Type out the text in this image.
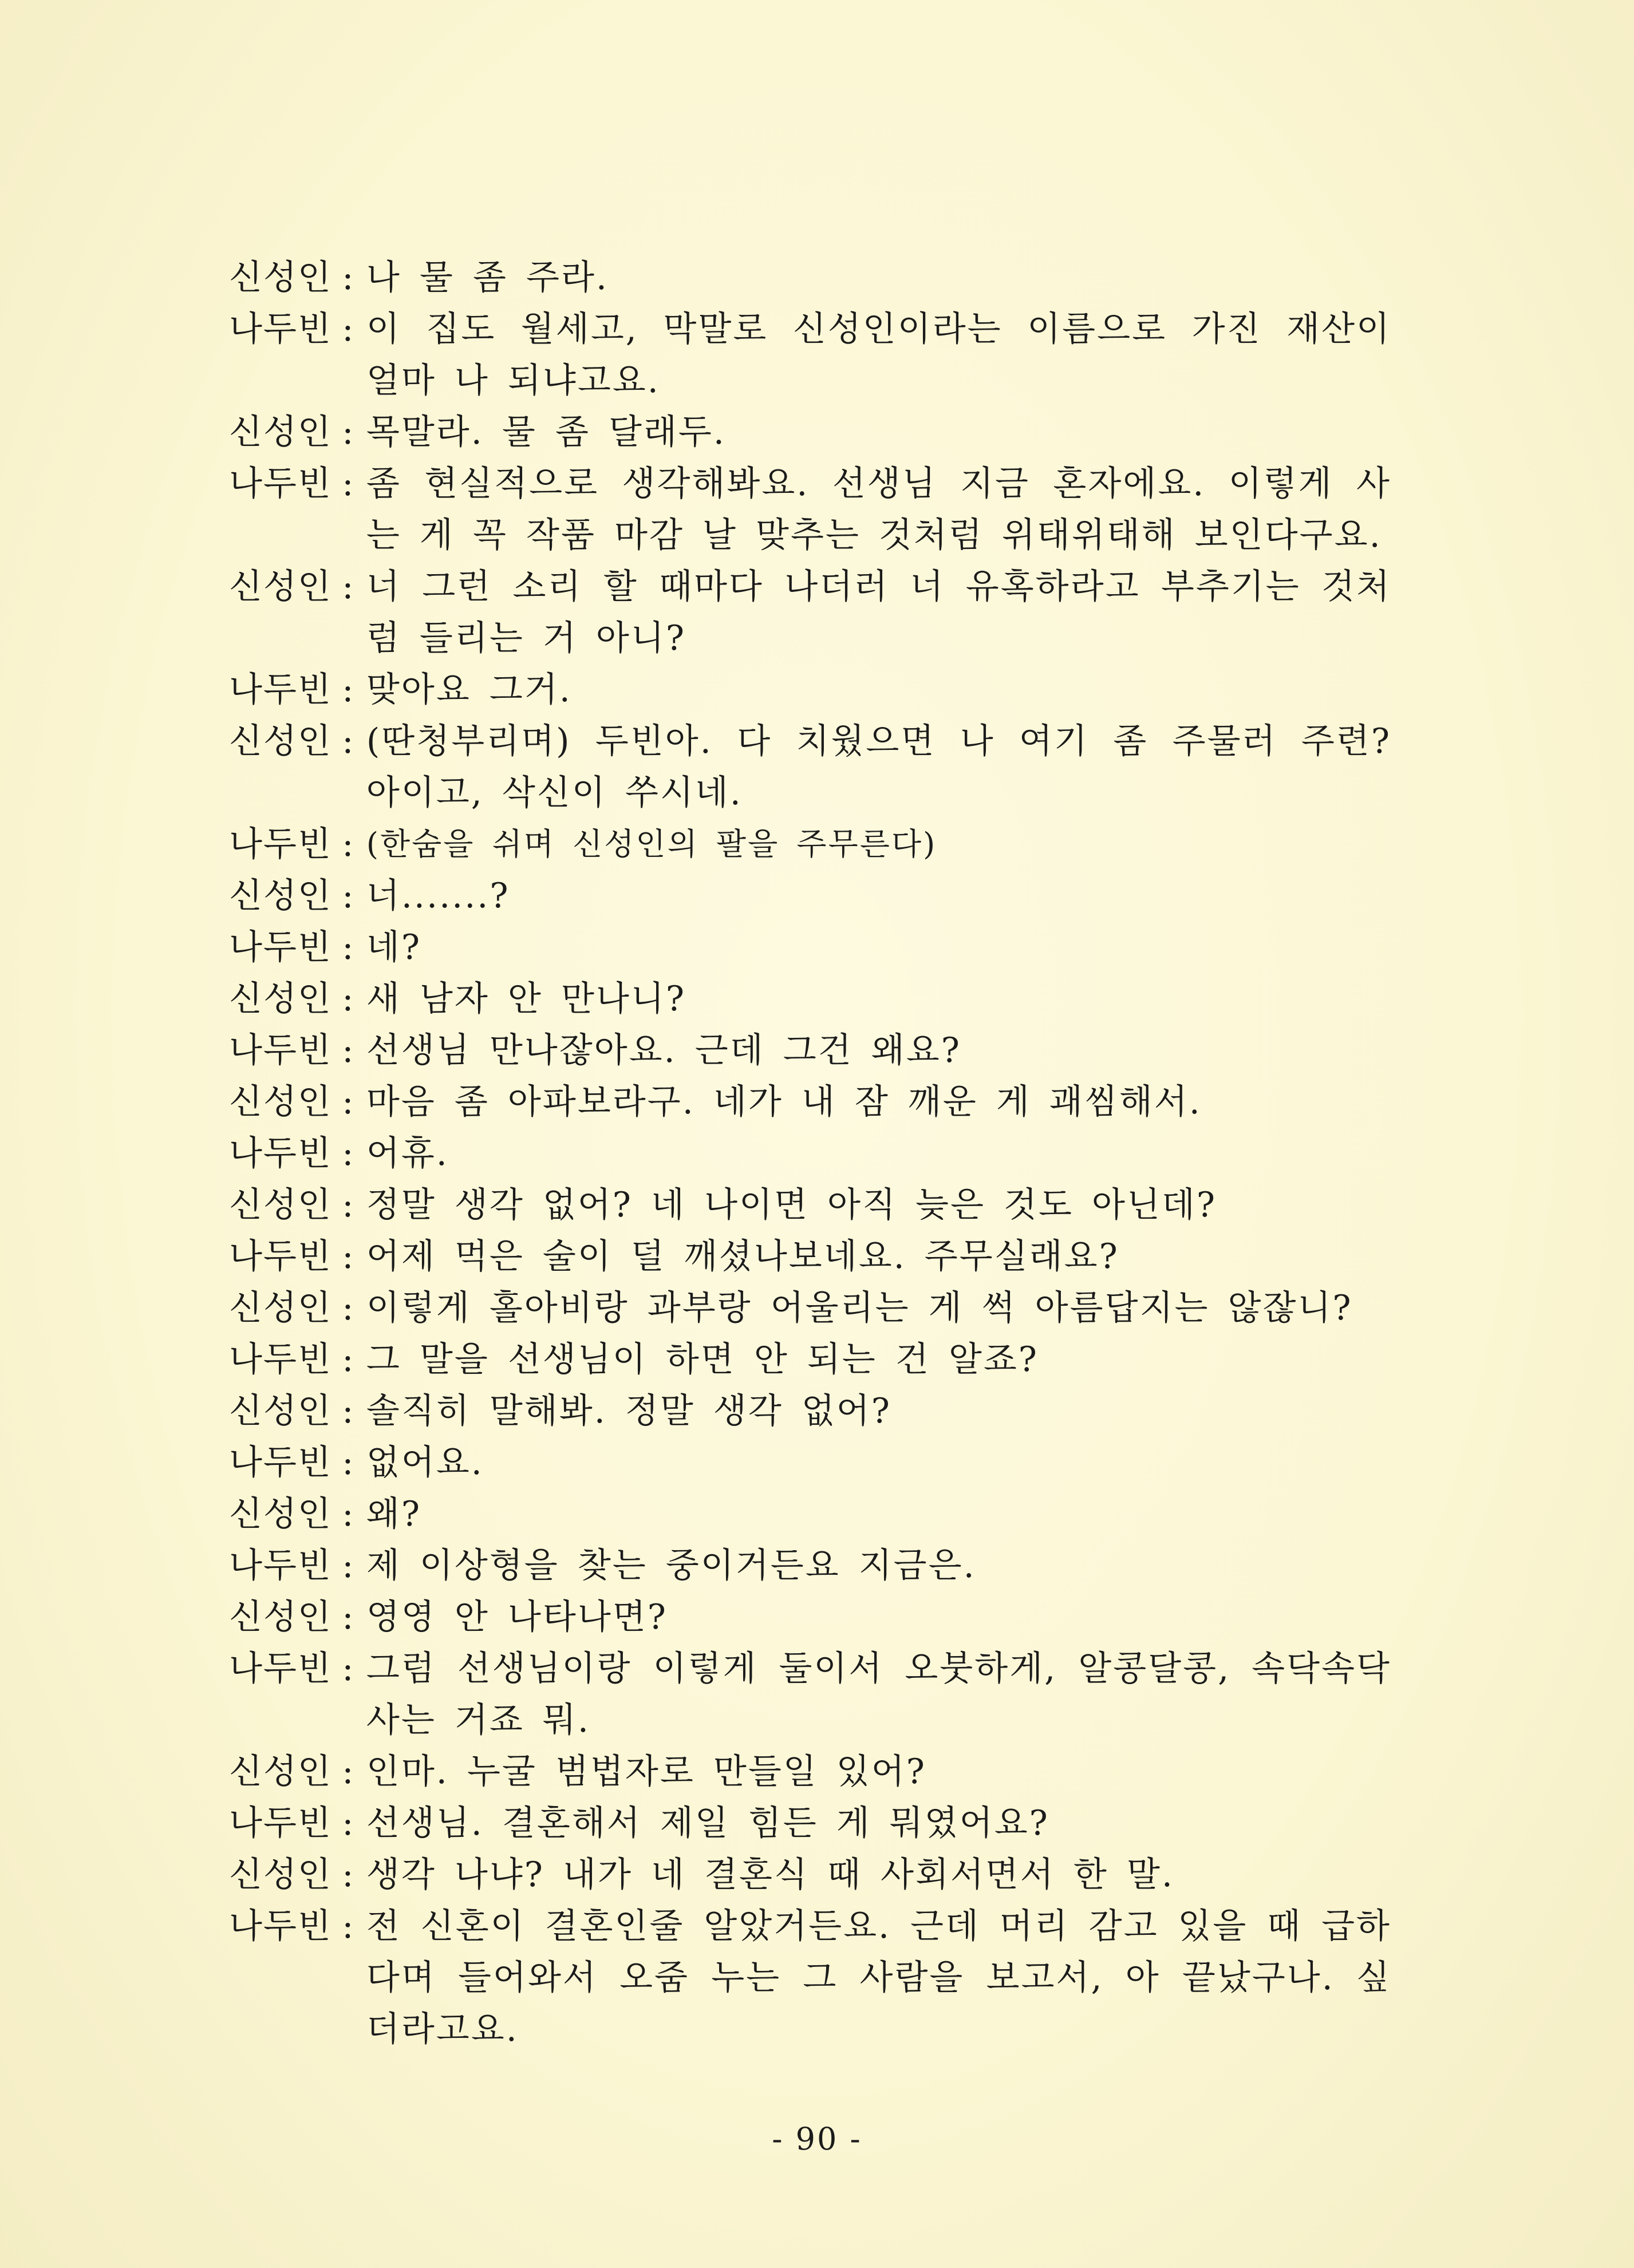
신성인 : 나 물 좀 주라.
나두빈 : 이 집도 월세고, 막말로 신성인이라는 이름으로 가진 재산이 얼마 나 되냐고요.
신성인 : 목말라. 물 좀 달래두.
나두빈 : 좀 현실적으로 생각해봐요. 선생님 지금 혼자에요. 이렇게 사는 게 꼭 작품 마감 날 맞추는 것처럼 위태위태해 보인다구요.
신성인 : 너 그런 소리 할 때마다 나더러 너 유혹하라고 부추기는 것처럼 들리는 거 아니?
나두빈 : 맞아요 그거.
신성인 : (딴청부리며) 두빈아. 다 치웠으면 나 여기 좀 주물러 주련? 아이고, 삭신이 쑤시네.
나두빈 : (한숨을 쉬며 신성인의 팔을 주무른다)
신성인 : 너.......?
나두빈 : 네?
신성인 : 새 남자 안 만나니?
나두빈 : 선생님 만나잖아요. 근데 그건 왜요?
신성인 : 마음 좀 아파보라구. 네가 내 잠 깨운 게 괘씸해서.
나두빈 : 어휴.
신성인 : 정말 생각 없어? 네 나이면 아직 늦은 것도 아닌데?
나두빈 : 어제 먹은 술이 덜 깨셨나보네요. 주무실래요?
신성인 : 이렇게 홀아비랑 과부랑 어울리는 게 썩 아름답지는 않잖니?
나두빈 : 그 말을 선생님이 하면 안 되는 건 알죠?
신성인 : 솔직히 말해봐. 정말 생각 없어?
나두빈 : 없어요.
신성인 : 왜?
나두빈 : 제 이상형을 찾는 중이거든요 지금은.
신성인 : 영영 안 나타나면?
나두빈 : 그럼 선생님이랑 이렇게 둘이서 오붓하게, 알콩달콩, 속닥속닥 사는 거죠 뭐.
신성인 : 인마. 누굴 범법자로 만들일 있어?
나두빈 : 선생님. 결혼해서 제일 힘든 게 뭐였어요?
신성인 : 생각 나냐? 내가 네 결혼식 때 사회서면서 한 말.
나두빈 : 전 신혼이 결혼인줄 알았거든요. 근데 머리 감고 있을 때 급하다며 들어와서 오줌 누는 그 사람을 보고서, 아 끝났구나. 싶더라고요.
- 90 -
